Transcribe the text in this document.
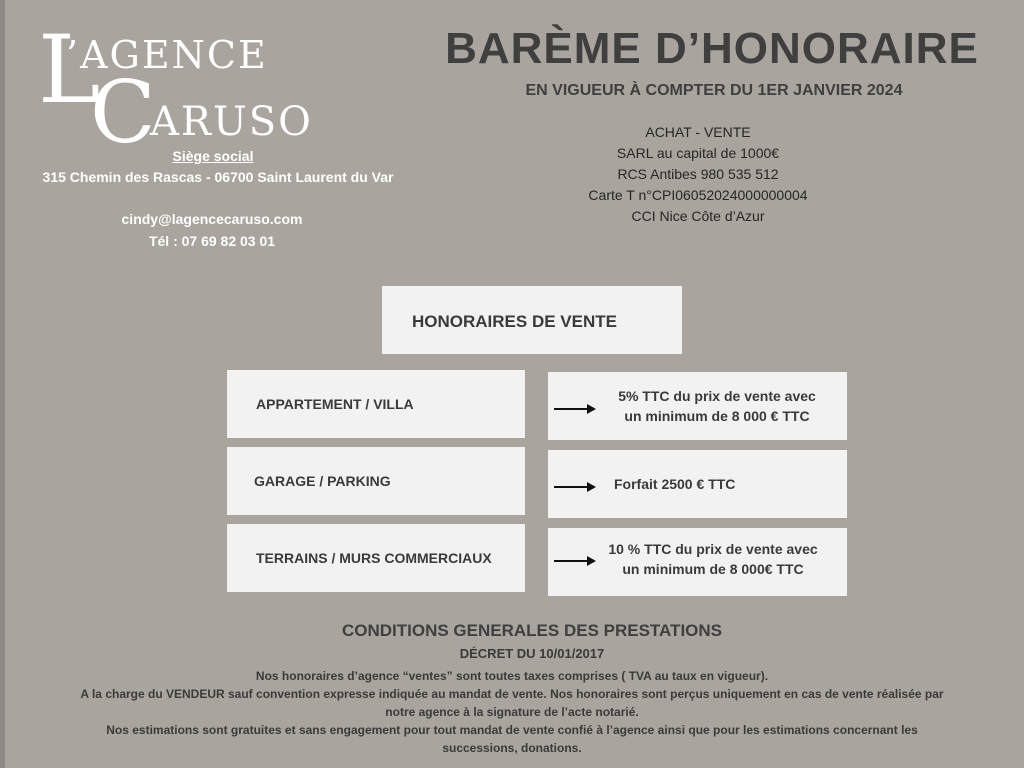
L
’AGENCE
C
ARUSO
Siège social
315 Chemin des Rascas - 06700 Saint Laurent du Var
cindy@lagencecaruso.com
Tél : 07 69 82 03 01
BARÈME D’HONORAIRE
EN VIGUEUR À COMPTER DU 1ER JANVIER 2024
ACHAT - VENTE
SARL au capital de 1000€
RCS Antibes 980 535 512
Carte T n°CPI06052024000000004
CCI Nice Côte d’Azur
HONORAIRES DE VENTE
APPARTEMENT / VILLA
GARAGE / PARKING
TERRAINS / MURS COMMERCIAUX
5% TTC du prix de vente avec
un minimum de 8 000 € TTC
Forfait 2500 € TTC
10 % TTC du prix de vente avec
un minimum de 8 000€ TTC
CONDITIONS GENERALES DES PRESTATIONS
DÉCRET DU 10/01/2017
Nos honoraires d’agence “ventes” sont toutes taxes comprises ( TVA au taux en vigueur).
A la charge du VENDEUR sauf convention expresse indiquée au mandat de vente. Nos honoraires sont perçus uniquement en cas de vente réalisée par
notre agence à la signature de l’acte notarié.
Nos estimations sont gratuites et sans engagement pour tout mandat de vente confié à l’agence ainsi que pour les estimations concernant les
successions, donations.
